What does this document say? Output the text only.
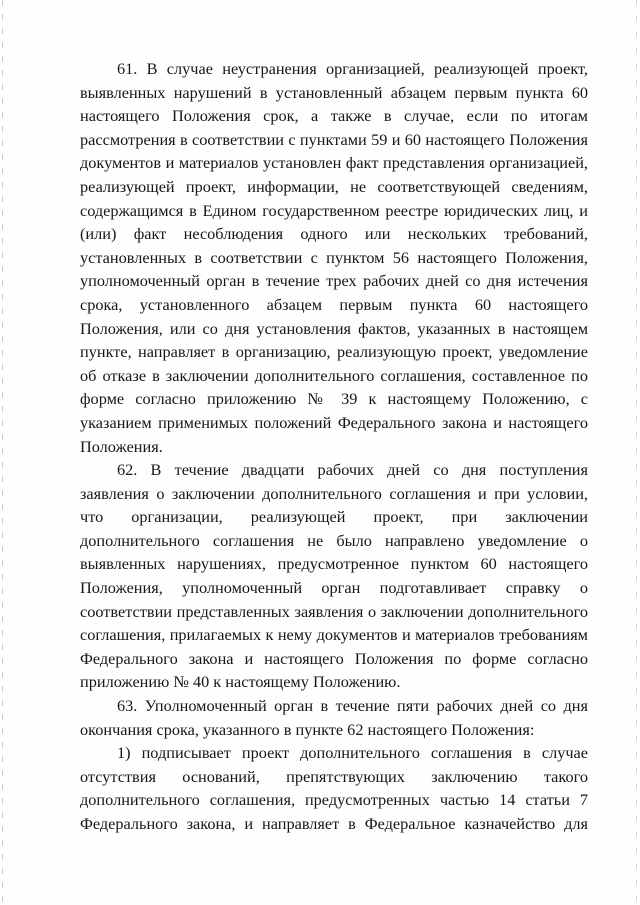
61. В случае неустранения организацией, реализующей проект, выявленных нарушений в установленный абзацем первым пункта 60 настоящего Положения срок, а также в случае, если по итогам рассмотрения в соответствии с пунктами 59 и 60 настоящего Положения документов и материалов установлен факт представления организацией, реализующей проект, информации, не соответствующей сведениям, содержащимся в Едином государственном реестре юридических лиц, и (или) факт несоблюдения одного или нескольких требований, установленных в соответствии с пунктом 56 настоящего Положения, уполномоченный орган в течение трех рабочих дней со дня истечения срока, установленного абзацем первым пункта 60 настоящего Положения, или со дня установления фактов, указанных в настоящем пункте, направляет в организацию, реализующую проект, уведомление об отказе в заключении дополнительного соглашения, составленное по форме согласно приложению № 39 к настоящему Положению, с указанием применимых положений Федерального закона и настоящего Положения.

62. В течение двадцати рабочих дней со дня поступления заявления о заключении дополнительного соглашения и при условии, что организации, реализующей проект, при заключении дополнительного соглашения не было направлено уведомление о выявленных нарушениях, предусмотренное пунктом 60 настоящего Положения, уполномоченный орган подготавливает справку о соответствии представленных заявления о заключении дополнительного соглашения, прилагаемых к нему документов и материалов требованиям Федерального закона и настоящего Положения по форме согласно приложению № 40 к настоящему Положению.

63. Уполномоченный орган в течение пяти рабочих дней со дня окончания срока, указанного в пункте 62 настоящего Положения:

1) подписывает проект дополнительного соглашения в случае отсутствия оснований, препятствующих заключению такого дополнительного соглашения, предусмотренных частью 14 статьи 7 Федерального закона, и направляет в Федеральное казначейство для
